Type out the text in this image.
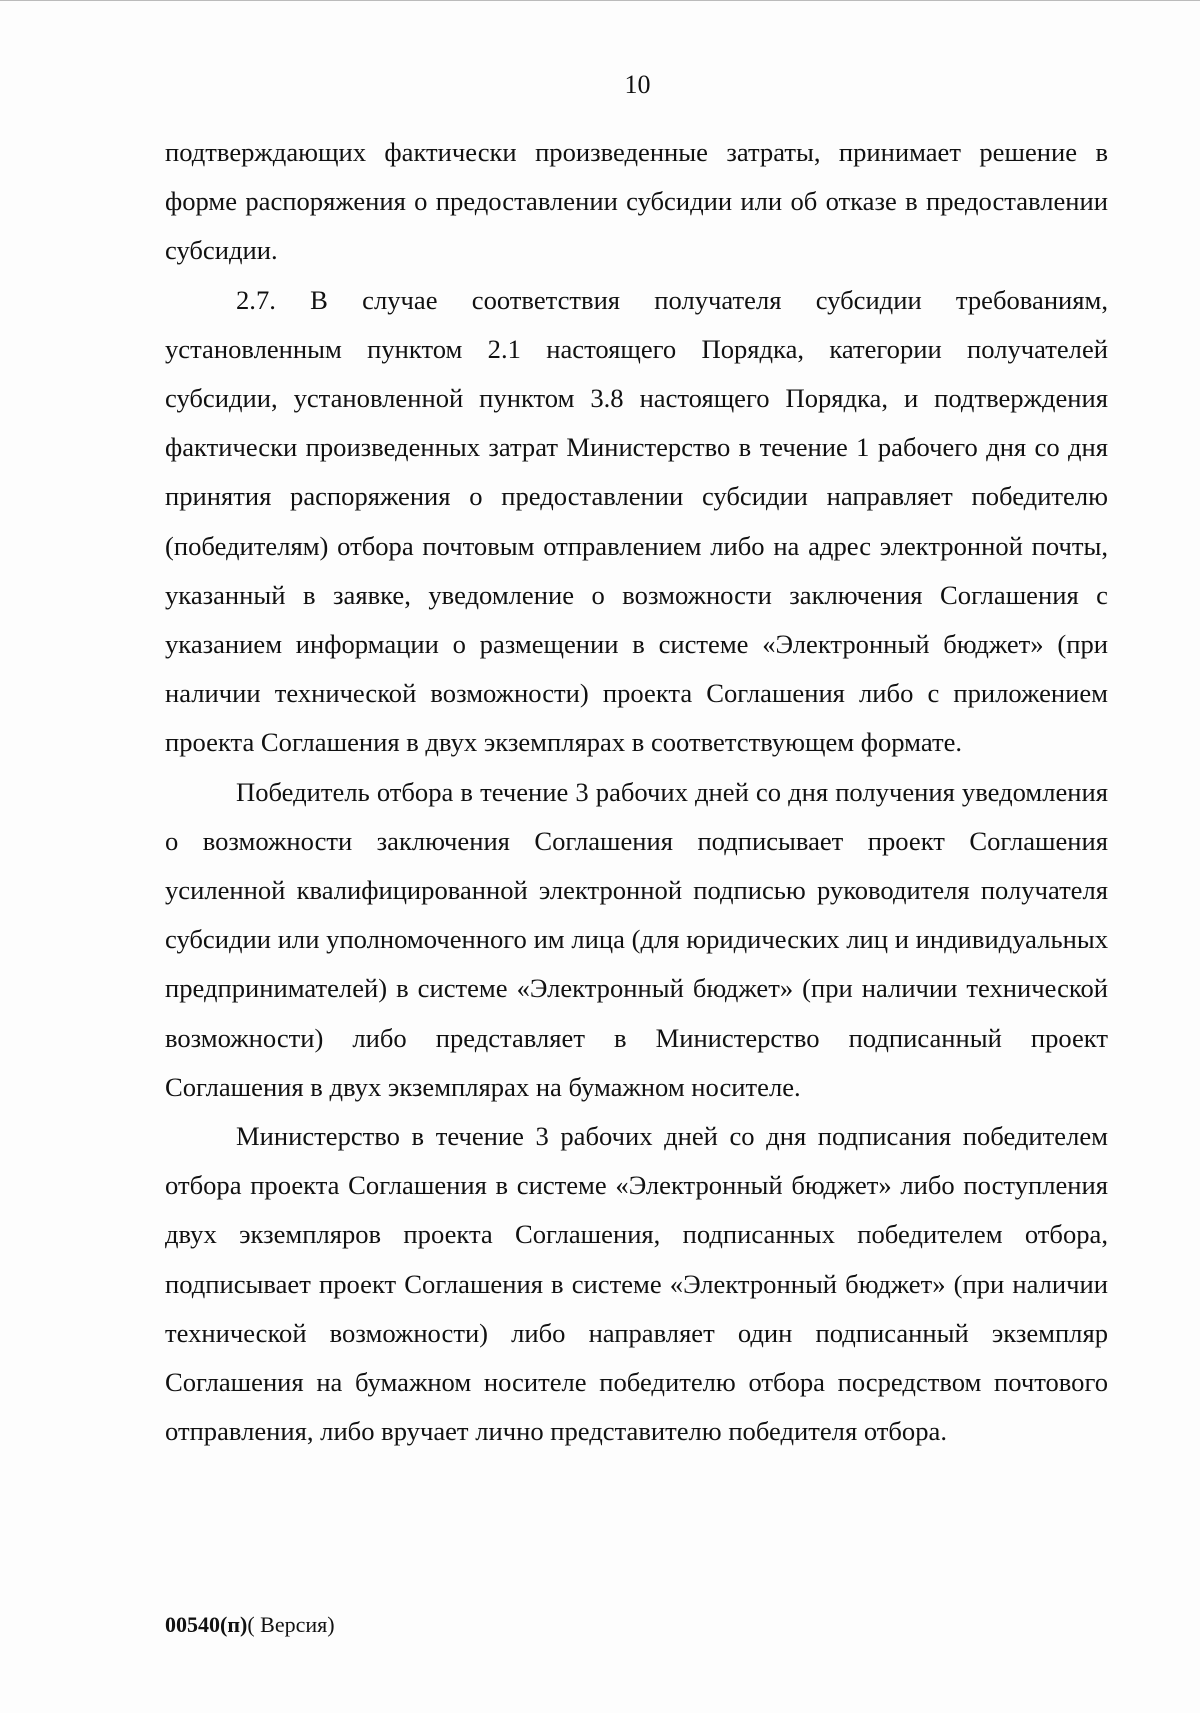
10

подтверждающих фактически произведенные затраты, принимает решение в форме распоряжения о предоставлении субсидии или об отказе в предоставлении субсидии.

2.7. В случае соответствия получателя субсидии требованиям, установленным пунктом 2.1 настоящего Порядка, категории получателей субсидии, установленной пунктом 3.8 настоящего Порядка, и подтверждения фактически произведенных затрат Министерство в течение 1 рабочего дня со дня принятия распоряжения о предоставлении субсидии направляет победителю (победителям) отбора почтовым отправлением либо на адрес электронной почты, указанный в заявке, уведомление о возможности заключения Соглашения с указанием информации о размещении в системе «Электронный бюджет» (при наличии технической возможности) проекта Соглашения либо с приложением проекта Соглашения в двух экземплярах в соответствующем формате.

Победитель отбора в течение 3 рабочих дней со дня получения уведомления о возможности заключения Соглашения подписывает проект Соглашения усиленной квалифицированной электронной подписью руководителя получателя субсидии или уполномоченного им лица (для юридических лиц и индивидуальных предпринимателей) в системе «Электронный бюджет» (при наличии технической возможности) либо представляет в Министерство подписанный проект Соглашения в двух экземплярах на бумажном носителе.

Министерство в течение 3 рабочих дней со дня подписания победителем отбора проекта Соглашения в системе «Электронный бюджет» либо поступления двух экземпляров проекта Соглашения, подписанных победителем отбора, подписывает проект Соглашения в системе «Электронный бюджет» (при наличии технической возможности) либо направляет один подписанный экземпляр Соглашения на бумажном носителе победителю отбора посредством почтового отправления, либо вручает лично представителю победителя отбора.

00540(п)( Версия)
